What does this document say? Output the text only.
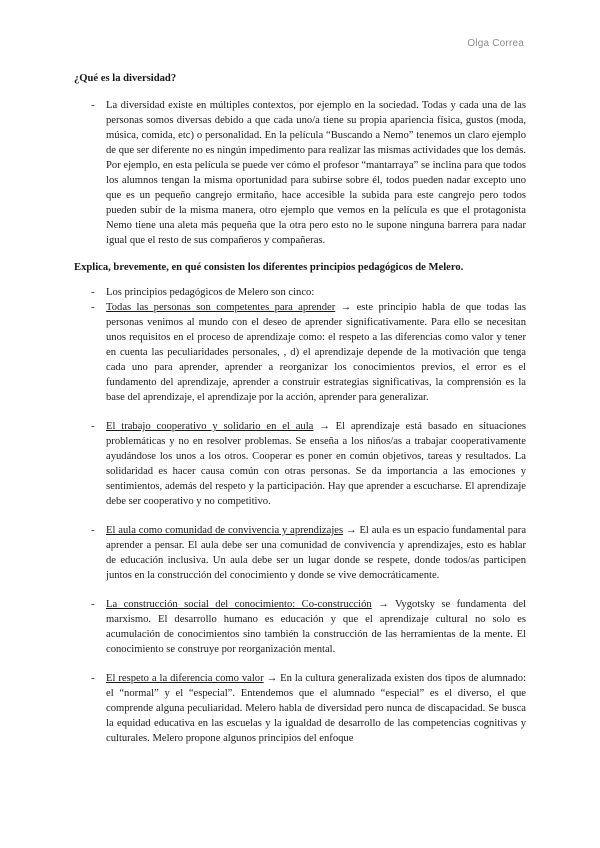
Olga Correa
¿Qué es la diversidad?
- La diversidad existe en múltiples contextos, por ejemplo en la sociedad. Todas y cada una de las personas somos diversas debido a que cada uno/a tiene su propia apariencia física, gustos (moda, música, comida, etc) o personalidad. En la película “Buscando a Nemo” tenemos un claro ejemplo de que ser diferente no es ningún impedimento para realizar las mismas actividades que los demás. Por ejemplo, en esta película se puede ver cómo el profesor “mantarraya” se inclina para que todos los alumnos tengan la misma oportunidad para subirse sobre él, todos pueden nadar excepto uno que es un pequeño cangrejo ermitaño, hace accesible la subida para este cangrejo pero todos pueden subir de la misma manera, otro ejemplo que vemos en la película es que el protagonista Nemo tiene una aleta más pequeña que la otra pero esto no le supone ninguna barrera para nadar igual que el resto de sus compañeros y compañeras.
Explica, brevemente, en qué consisten los diferentes principios pedagógicos de Melero.
- Los principios pedagógicos de Melero son cinco:
- Todas las personas son competentes para aprender → este principio habla de que todas las personas venimos al mundo con el deseo de aprender significativamente. Para ello se necesitan unos requisitos en el proceso de aprendizaje como: el respeto a las diferencias como valor y tener en cuenta las peculiaridades personales, , d) el aprendizaje depende de la motivación que tenga cada uno para aprender, aprender a reorganizar los conocimientos previos, el error es el fundamento del aprendizaje, aprender a construir estrategias significativas, la comprensión es la base del aprendizaje, el aprendizaje por la acción, aprender para generalizar.
- El trabajo cooperativo y solidario en el aula → El aprendizaje está basado en situaciones problemáticas y no en resolver problemas. Se enseña a los niños/as a trabajar cooperativamente ayudándose los unos a los otros. Cooperar es poner en común objetivos, tareas y resultados. La solidaridad es hacer causa común con otras personas. Se da importancia a las emociones y sentimientos, además del respeto y la participación. Hay que aprender a escucharse. El aprendizaje debe ser cooperativo y no competitivo.
- El aula como comunidad de convivencia y aprendizajes → El aula es un espacio fundamental para aprender a pensar. El aula debe ser una comunidad de convivencia y aprendizajes, esto es hablar de educación inclusiva. Un aula debe ser un lugar donde se respete, donde todos/as participen juntos en la construcción del conocimiento y donde se vive democráticamente.
- La construcción social del conocimiento: Co-construcción → Vygotsky se fundamenta del marxismo. El desarrollo humano es educación y que el aprendizaje cultural no solo es acumulación de conocimientos sino también la construcción de las herramientas de la mente. El conocimiento se construye por reorganización mental.
- El respeto a la diferencia como valor → En la cultura generalizada existen dos tipos de alumnado: el “normal” y el “especial”. Entendemos que el alumnado “especial” es el diverso, el que comprende alguna peculiaridad. Melero habla de diversidad pero nunca de discapacidad. Se busca la equidad educativa en las escuelas y la igualdad de desarrollo de las competencias cognitivas y culturales. Melero propone algunos principios del enfoque
